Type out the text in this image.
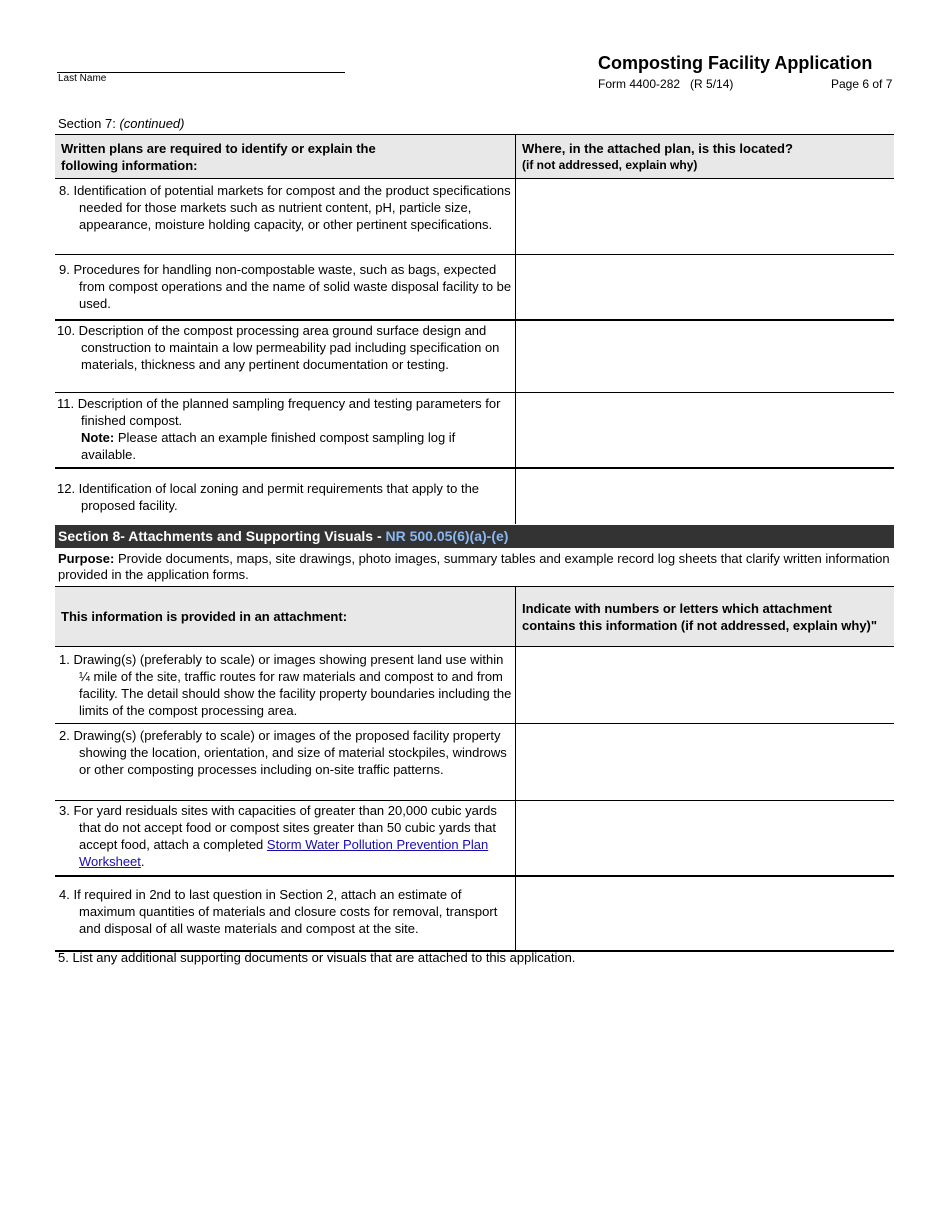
Last Name
Composting Facility Application
Form 4400-282   (R 5/14)	Page 6 of 7
Section 7: (continued)
Written plans are required to identify or explain the
following information:	Where, in the attached plan, is this located?
(if not addressed, explain why)

8. Identification of potential markets for compost and the product specifications needed for those markets such as nutrient content, pH, particle size, appearance, moisture holding capacity, or other pertinent specifications.	

9. Procedures for handling non-compostable waste, such as bags, expected from compost operations and the name of solid waste disposal facility to be used.	

10. Description of the compost processing area ground surface design and construction to maintain a low permeability pad including specification on materials, thickness and any pertinent documentation or testing.	

11. Description of the planned sampling frequency and testing parameters for finished compost.
Note: Please attach an example finished compost sampling log if available.	

12. Identification of local zoning and permit requirements that apply to the proposed facility.	

Section 8- Attachments and Supporting Visuals - NR 500.05(6)(a)-(e)
Purpose: Provide documents, maps, site drawings, photo images, summary tables and example record log sheets that clarify written information provided in the application forms.
This information is provided in an attachment:	Indicate with numbers or letters which attachment contains this information (if not addressed, explain why)"

1. Drawing(s) (preferably to scale) or images showing present land use within ¼ mile of the site, traffic routes for raw materials and compost to and from facility. The detail should show the facility property boundaries including the limits of the compost processing area.	

2. Drawing(s) (preferably to scale) or images of the proposed facility property showing the location, orientation, and size of material stockpiles, windrows or other composting processes including on-site traffic patterns.	

3. For yard residuals sites with capacities of greater than 20,000 cubic yards that do not accept food or compost sites greater than 50 cubic yards that accept food, attach a completed Storm Water Pollution Prevention Plan Worksheet.	

4. If required in 2nd to last question in Section 2, attach an estimate of maximum quantities of materials and closure costs for removal, transport and disposal of all waste materials and compost at the site.	

5. List any additional supporting documents or visuals that are attached to this application.
